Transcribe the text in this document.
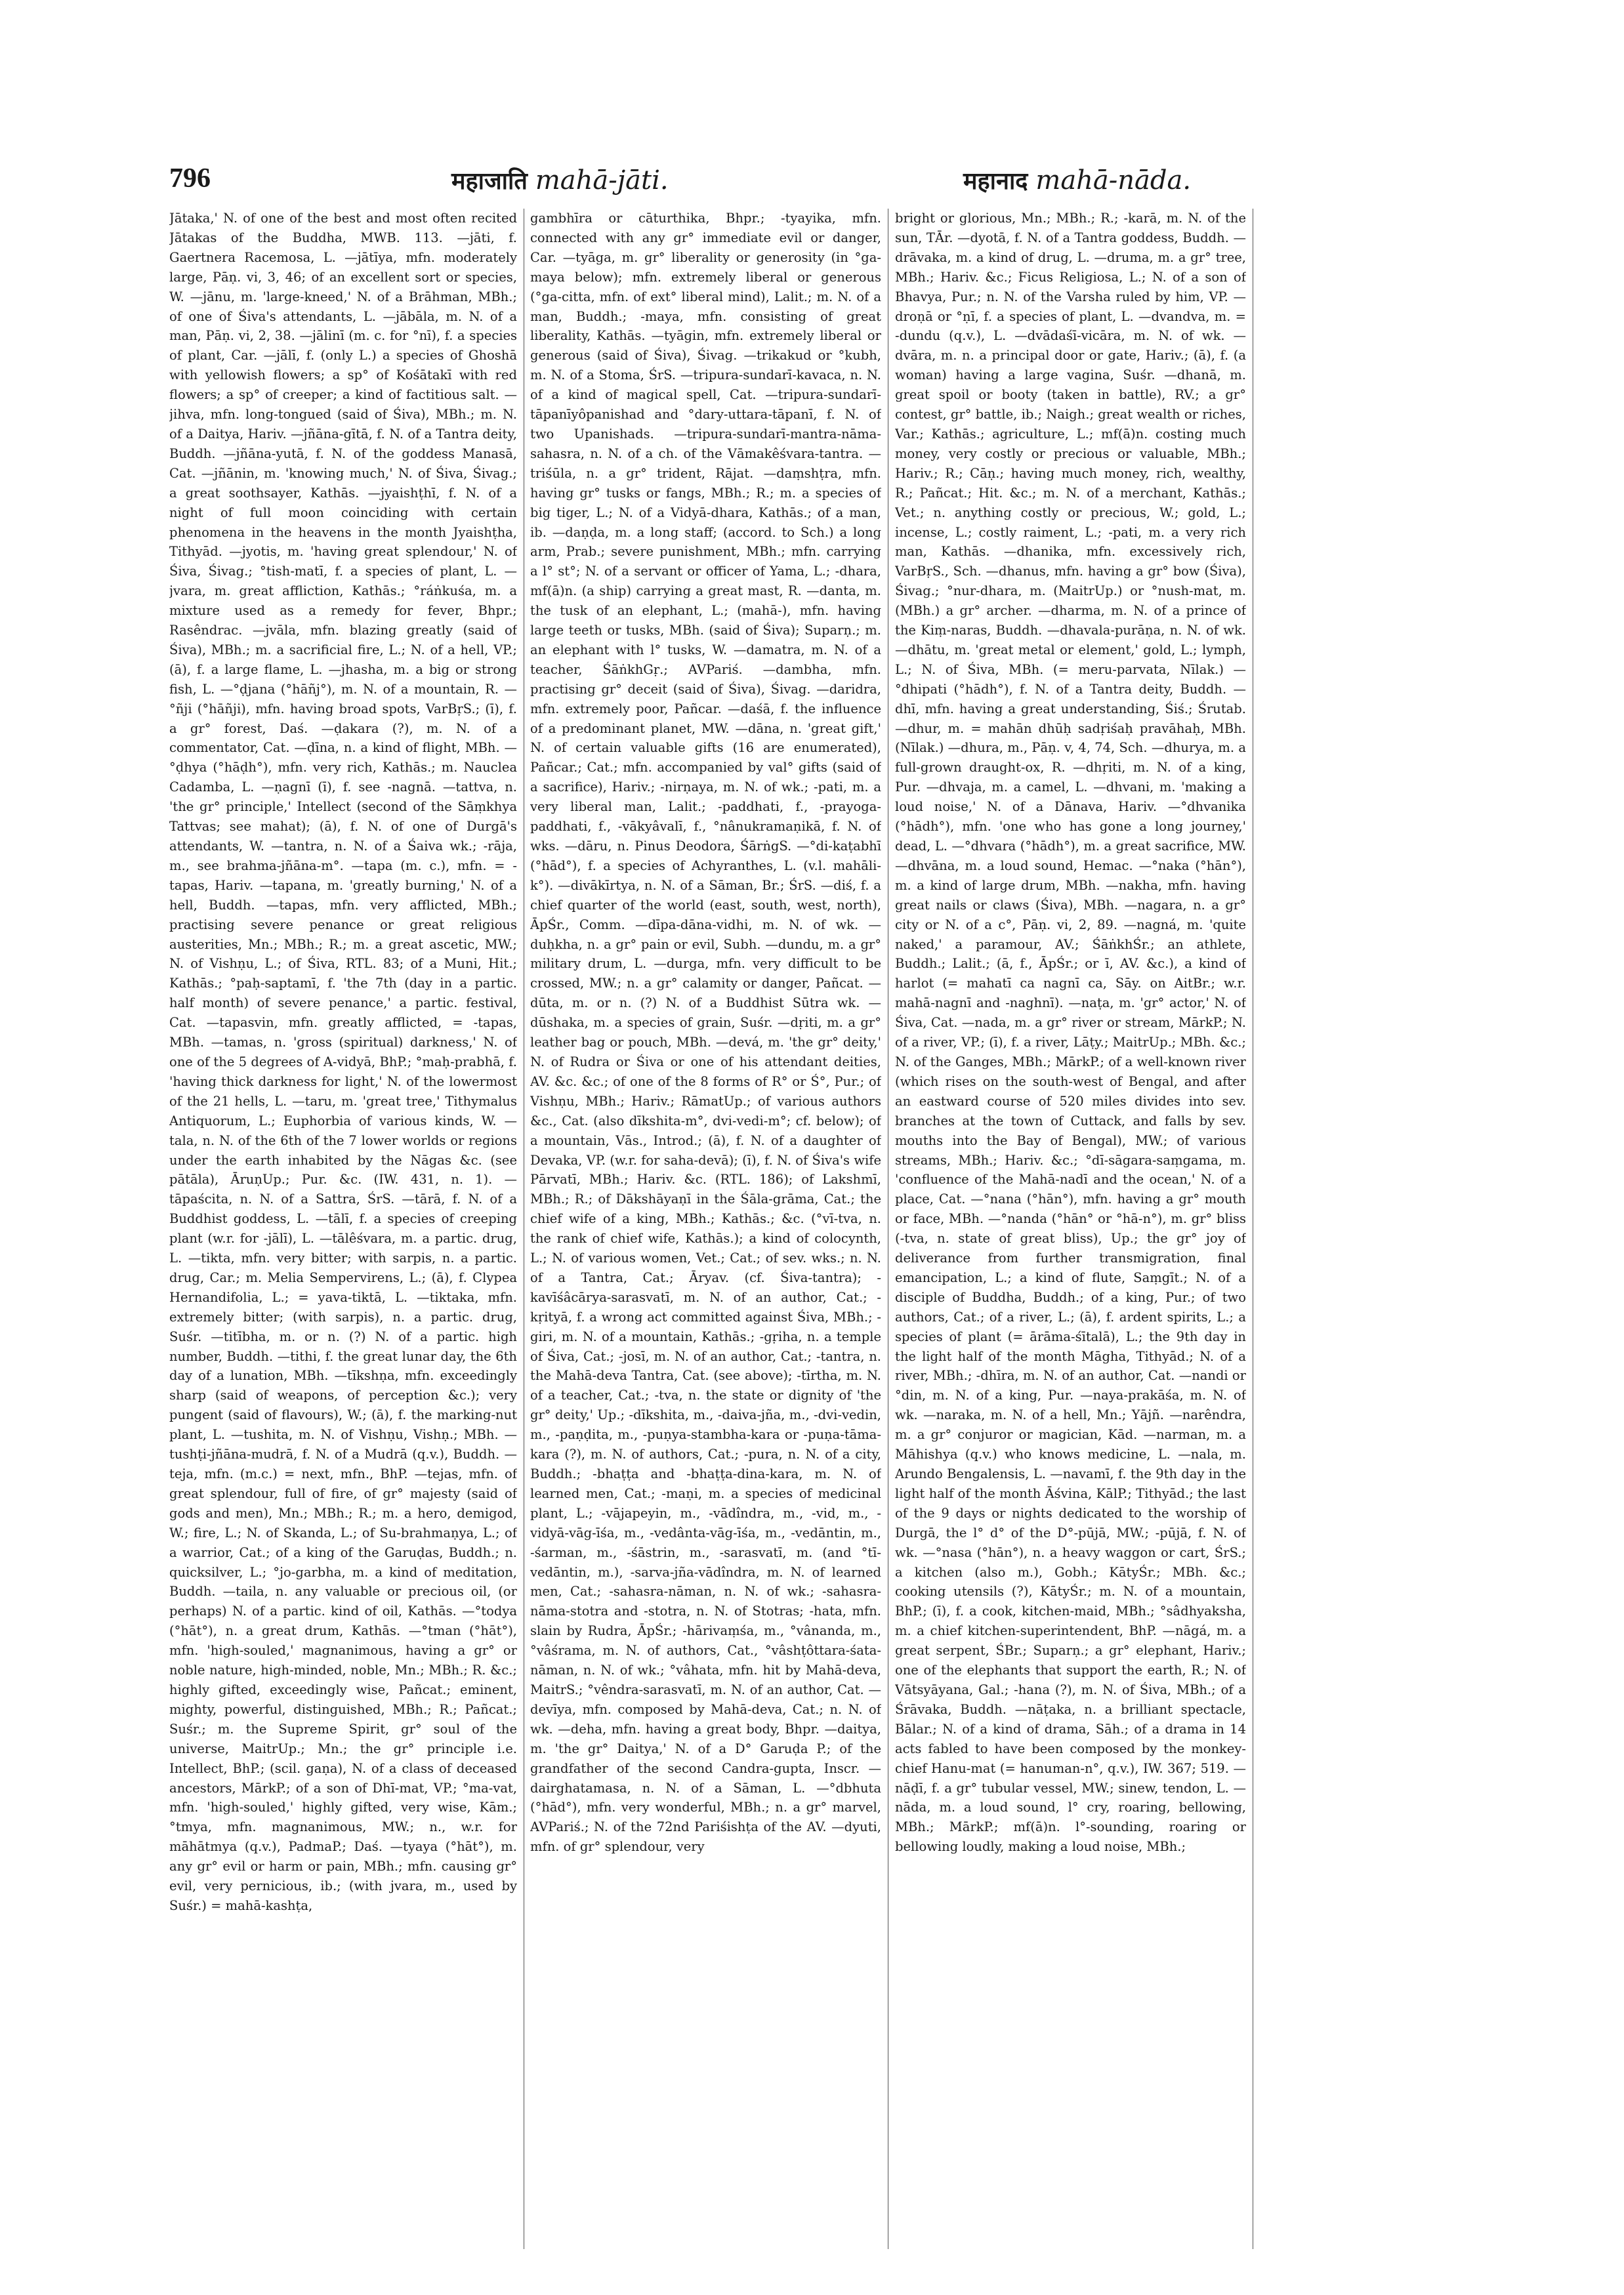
796	महाजाति mahā-jāti.	महानाद mahā-nāda.
Jātaka,' N. of one of the best and most often recited Jātakas of the Buddha, MWB. 113. —jāti, f. Gaertnera Racemosa, L. —jātīya, mfn. moderately large, Pāṇ. vi, 3, 46; of an excellent sort or species, W. —jānu, m. 'large-kneed,' N. of a Brāhman, MBh.; of one of Śiva's attendants, L. —jābāla, m. N. of a man, Pāṇ. vi, 2, 38. —jālinī (m. c. for °nī), f. a species of plant, Car. —jālī, f. (only L.) a species of Ghoshā with yellowish flowers; a sp° of Kośātakī with red flowers; a sp° of creeper; a kind of factitious salt. —jihva, mfn. long-tongued (said of Śiva), MBh.; m. N. of a Daitya, Hariv. —jñāna-gītā, f. N. of a Tantra deity, Buddh. —jñāna-yutā, f. N. of the goddess Manasā, Cat. —jñānin, m. 'knowing much,' N. of Śiva, Śivag.; a great soothsayer, Kathās. —jyaishṭhī, f. N. of a night of full moon coinciding with certain phenomena in the heavens in the month Jyaishṭha, Tithyād. —jyotis, m. 'having great splendour,' N. of Śiva, Śivag.; °tish-matī, f. a species of plant, L. —jvara, m. great affliction, Kathās.; °ráṅkuśa, m. a mixture used as a remedy for fever, Bhpr.; Rasêndrac. —jvāla, mfn. blazing greatly (said of Śiva), MBh.; m. a sacrificial fire, L.; N. of a hell, VP.; (ā), f. a large flame, L. —jhasha, m. a big or strong fish, L. —°ḍjana (°hāñj°), m. N. of a mountain, R. —°ñji (°hāñji), mfn. having broad spots, VarBṛS.; (ī), f. a gr° forest, Daś. —ḍakara (?), m. N. of a commentator, Cat. —ḍīna, n. a kind of flight, MBh. —°ḍhya (°hāḍh°), mfn. very rich, Kathās.; m. Nauclea Cadamba, L. —ṇagnī (ī), f. see -nagnā. —tattva, n. 'the gr° principle,' Intellect (second of the Sāṃkhya Tattvas; see mahat); (ā), f. N. of one of Durgā's attendants, W. —tantra, n. N. of a Śaiva wk.; -rāja, m., see brahma-jñāna-m°. —tapa (m. c.), mfn. = -tapas, Hariv. —tapana, m. 'greatly burning,' N. of a hell, Buddh. —tapas, mfn. very afflicted, MBh.; practising severe penance or great religious austerities, Mn.; MBh.; R.; m. a great ascetic, MW.; N. of Vishṇu, L.; of Śiva, RTL. 83; of a Muni, Hit.; Kathās.; °paḥ-saptamī, f. 'the 7th (day in a partic. half month) of severe penance,' a partic. festival, Cat. —tapasvin, mfn. greatly afflicted, = -tapas, MBh. —tamas, n. 'gross (spiritual) darkness,' N. of one of the 5 degrees of A-vidyā, BhP.; °maḥ-prabhā, f. 'having thick darkness for light,' N. of the lowermost of the 21 hells, L. —taru, m. 'great tree,' Tithymalus Antiquorum, L.; Euphorbia of various kinds, W. —tala, n. N. of the 6th of the 7 lower worlds or regions under the earth inhabited by the Nāgas &c. (see pātāla), ĀruṇUp.; Pur. &c. (IW. 431, n. 1). —tāpaścita, n. N. of a Sattra, ŚrS. —tārā, f. N. of a Buddhist goddess, L. —tālī, f. a species of creeping plant (w.r. for -jālī), L. —tālêśvara, m. a partic. drug, L. —tikta, mfn. very bitter; with sarpis, n. a partic. drug, Car.; m. Melia Sempervirens, L.; (ā), f. Clypea Hernandifolia, L.; = yava-tiktā, L. —tiktaka, mfn. extremely bitter; (with sarpis), n. a partic. drug, Suśr. —titībha, m. or n. (?) N. of a partic. high number, Buddh. —tithi, f. the great lunar day, the 6th day of a lunation, MBh. —tīkshṇa, mfn. exceedingly sharp (said of weapons, of perception &c.); very pungent (said of flavours), W.; (ā), f. the marking-nut plant, L. —tushita, m. N. of Vishṇu, Vishṇ.; MBh. —tushṭi-jñāna-mudrā, f. N. of a Mudrā (q.v.), Buddh. —teja, mfn. (m.c.) = next, mfn., BhP. —tejas, mfn. of great splendour, full of fire, of gr° majesty (said of gods and men), Mn.; MBh.; R.; m. a hero, demigod, W.; fire, L.; N. of Skanda, L.; of Su-brahmaṇya, L.; of a warrior, Cat.; of a king of the Garuḍas, Buddh.; n. quicksilver, L.; °jo-garbha, m. a kind of meditation, Buddh. —taila, n. any valuable or precious oil, (or perhaps) N. of a partic. kind of oil, Kathās. —°todya (°hāt°), n. a great drum, Kathās. —°tman (°hāt°), mfn. 'high-souled,' magnanimous, having a gr° or noble nature, high-minded, noble, Mn.; MBh.; R. &c.; highly gifted, exceedingly wise, Pañcat.; eminent, mighty, powerful, distinguished, MBh.; R.; Pañcat.; Suśr.; m. the Supreme Spirit, gr° soul of the universe, MaitrUp.; Mn.; the gr° principle i.e. Intellect, BhP.; (scil. gaṇa), N. of a class of deceased ancestors, MārkP.; of a son of Dhī-mat, VP.; °ma-vat, mfn. 'high-souled,' highly gifted, very wise, Kām.; °tmya, mfn. magnanimous, MW.; n., w.r. for māhātmya (q.v.), PadmaP.; Daś. —tyaya (°hāt°), m. any gr° evil or harm or pain, MBh.; mfn. causing gr° evil, very pernicious, ib.; (with jvara, m., used by Suśr.) = mahā-kashṭa,
gambhīra or cāturthika, Bhpr.; -tyayika, mfn. connected with any gr° immediate evil or danger, Car. —tyāga, m. gr° liberality or generosity (in °ga-maya below); mfn. extremely liberal or generous (°ga-citta, mfn. of ext° liberal mind), Lalit.; m. N. of a man, Buddh.; -maya, mfn. consisting of great liberality, Kathās. —tyāgin, mfn. extremely liberal or generous (said of Śiva), Śivag. —trikakud or °kubh, m. N. of a Stoma, ŚrS. —tripura-sundarī-kavaca, n. N. of a kind of magical spell, Cat. —tripura-sundarī-tāpanīyôpanishad and °dary-uttara-tāpanī, f. N. of two Upanishads. —tripura-sundarī-mantra-nāma-sahasra, n. N. of a ch. of the Vāmakêśvara-tantra. —triśūla, n. a gr° trident, Rājat. —daṃshṭra, mfn. having gr° tusks or fangs, MBh.; R.; m. a species of big tiger, L.; N. of a Vidyā-dhara, Kathās.; of a man, ib. —daṇḍa, m. a long staff; (accord. to Sch.) a long arm, Prab.; severe punishment, MBh.; mfn. carrying a l° st°; N. of a servant or officer of Yama, L.; -dhara, mf(ā)n. (a ship) carrying a great mast, R. —danta, m. the tusk of an elephant, L.; (mahā-), mfn. having large teeth or tusks, MBh. (said of Śiva); Suparṇ.; m. an elephant with l° tusks, W. —damatra, m. N. of a teacher, ŚāṅkhGṛ.; AVPariś. —dambha, mfn. practising gr° deceit (said of Śiva), Śivag. —daridra, mfn. extremely poor, Pañcar. —daśā, f. the influence of a predominant planet, MW. —dāna, n. 'great gift,' N. of certain valuable gifts (16 are enumerated), Pañcar.; Cat.; mfn. accompanied by val° gifts (said of a sacrifice), Hariv.; -nirṇaya, m. N. of wk.; -pati, m. a very liberal man, Lalit.; -paddhati, f., -prayoga-paddhati, f., -vākyâvalī, f., °nânukramaṇikā, f. N. of wks. —dāru, n. Pinus Deodora, ŚārṅgS. —°di-kaṭabhī (°hād°), f. a species of Achyranthes, L. (v.l. mahāli-k°). —divākīrtya, n. N. of a Sāman, Br.; ŚrS. —diś, f. a chief quarter of the world (east, south, west, north), ĀpŚr., Comm. —dīpa-dāna-vidhi, m. N. of wk. —duḥkha, n. a gr° pain or evil, Subh. —dundu, m. a gr° military drum, L. —durga, mfn. very difficult to be crossed, MW.; n. a gr° calamity or danger, Pañcat. —dūta, m. or n. (?) N. of a Buddhist Sūtra wk. —dūshaka, m. a species of grain, Suśr. —dṛiti, m. a gr° leather bag or pouch, MBh. —devá, m. 'the gr° deity,' N. of Rudra or Śiva or one of his attendant deities, AV. &c. &c.; of one of the 8 forms of R° or Ś°, Pur.; of Vishṇu, MBh.; Hariv.; RāmatUp.; of various authors &c., Cat. (also dīkshita-m°, dvi-vedi-m°; cf. below); of a mountain, Vās., Introd.; (ā), f. N. of a daughter of Devaka, VP. (w.r. for saha-devā); (ī), f. N. of Śiva's wife Pārvatī, MBh.; Hariv. &c. (RTL. 186); of Lakshmī, MBh.; R.; of Dākshāyaṇī in the Śāla-grāma, Cat.; the chief wife of a king, MBh.; Kathās.; &c. (°vī-tva, n. the rank of chief wife, Kathās.); a kind of colocynth, L.; N. of various women, Vet.; Cat.; of sev. wks.; n. N. of a Tantra, Cat.; Āryav. (cf. Śiva-tantra); -kavīśâcārya-sarasvatī, m. N. of an author, Cat.; -kṛityā, f. a wrong act committed against Śiva, MBh.; -giri, m. N. of a mountain, Kathās.; -gṛiha, n. a temple of Śiva, Cat.; -josī, m. N. of an author, Cat.; -tantra, n. the Mahā-deva Tantra, Cat. (see above); -tīrtha, m. N. of a teacher, Cat.; -tva, n. the state or dignity of 'the gr° deity,' Up.; -dīkshita, m., -daiva-jña, m., -dvi-vedin, m., -paṇḍita, m., -puṇya-stambha-kara or -puṇa-tāma-kara (?), m. N. of authors, Cat.; -pura, n. N. of a city, Buddh.; -bhaṭṭa and -bhaṭṭa-dina-kara, m. N. of learned men, Cat.; -maṇi, m. a species of medicinal plant, L.; -vājapeyin, m., -vādîndra, m., -vid, m., -vidyā-vāg-īśa, m., -vedânta-vāg-īśa, m., -vedāntin, m., -śarman, m., -śāstrin, m., -sarasvatī, m. (and °tī-vedāntin, m.), -sarva-jña-vādîndra, m. N. of learned men, Cat.; -sahasra-nāman, n. N. of wk.; -sahasra-nāma-stotra and -stotra, n. N. of Stotras; -hata, mfn. slain by Rudra, ĀpŚr.; -hārivaṃśa, m., °vânanda, m., °vâśrama, m. N. of authors, Cat., °vâshṭôttara-śata-nāman, n. N. of wk.; °vâhata, mfn. hit by Mahā-deva, MaitrS.; °vêndra-sarasvatī, m. N. of an author, Cat. —devīya, mfn. composed by Mahā-deva, Cat.; n. N. of wk. —deha, mfn. having a great body, Bhpr. —daitya, m. 'the gr° Daitya,' N. of a D° Garuḍa P.; of the grandfather of the second Candra-gupta, Inscr. —dairghatamasa, n. N. of a Sāman, L. —°dbhuta (°hād°), mfn. very wonderful, MBh.; n. a gr° marvel, AVPariś.; N. of the 72nd Pariśishṭa of the AV. —dyuti, mfn. of gr° splendour, very
bright or glorious, Mn.; MBh.; R.; -karā, m. N. of the sun, TĀr. —dyotā, f. N. of a Tantra goddess, Buddh. —drāvaka, m. a kind of drug, L. —druma, m. a gr° tree, MBh.; Hariv. &c.; Ficus Religiosa, L.; N. of a son of Bhavya, Pur.; n. N. of the Varsha ruled by him, VP. —droṇā or °ṇī, f. a species of plant, L. —dvandva, m. = -dundu (q.v.), L. —dvādaśī-vicāra, m. N. of wk. —dvāra, m. n. a principal door or gate, Hariv.; (ā), f. (a woman) having a large vagina, Suśr. —dhanā, m. great spoil or booty (taken in battle), RV.; a gr° contest, gr° battle, ib.; Naigh.; great wealth or riches, Var.; Kathās.; agriculture, L.; mf(ā)n. costing much money, very costly or precious or valuable, MBh.; Hariv.; R.; Cāṇ.; having much money, rich, wealthy, R.; Pañcat.; Hit. &c.; m. N. of a merchant, Kathās.; Vet.; n. anything costly or precious, W.; gold, L.; incense, L.; costly raiment, L.; -pati, m. a very rich man, Kathās. —dhanika, mfn. excessively rich, VarBṛS., Sch. —dhanus, mfn. having a gr° bow (Śiva), Śivag.; °nur-dhara, m. (MaitrUp.) or °nush-mat, m. (MBh.) a gr° archer. —dharma, m. N. of a prince of the Kiṃ-naras, Buddh. —dhavala-purāṇa, n. N. of wk. —dhātu, m. 'great metal or element,' gold, L.; lymph, L.; N. of Śiva, MBh. (= meru-parvata, Nīlak.) —°dhipati (°hādh°), f. N. of a Tantra deity, Buddh. —dhī, mfn. having a great understanding, Śiś.; Śrutab. —dhur, m. = mahān dhūḥ sadṛiśaḥ pravāhaḥ, MBh. (Nīlak.) —dhura, m., Pāṇ. v, 4, 74, Sch. —dhurya, m. a full-grown draught-ox, R. —dhṛiti, m. N. of a king, Pur. —dhvaja, m. a camel, L. —dhvani, m. 'making a loud noise,' N. of a Dānava, Hariv. —°dhvanika (°hādh°), mfn. 'one who has gone a long journey,' dead, L. —°dhvara (°hādh°), m. a great sacrifice, MW. —dhvāna, m. a loud sound, Hemac. —°naka (°hān°), m. a kind of large drum, MBh. —nakha, mfn. having great nails or claws (Śiva), MBh. —nagara, n. a gr° city or N. of a c°, Pāṇ. vi, 2, 89. —nagná, m. 'quite naked,' a paramour, AV.; ŚāṅkhŚr.; an athlete, Buddh.; Lalit.; (ā, f., ĀpŚr.; or ī, AV. &c.), a kind of harlot (= mahatī ca nagnī ca, Sāy. on AitBr.; w.r. mahā-nagnī and -naghnī). —naṭa, m. 'gr° actor,' N. of Śiva, Cat. —nada, m. a gr° river or stream, MārkP.; N. of a river, VP.; (ī), f. a river, Lāṭy.; MaitrUp.; MBh. &c.; N. of the Ganges, MBh.; MārkP.; of a well-known river (which rises on the south-west of Bengal, and after an eastward course of 520 miles divides into sev. branches at the town of Cuttack, and falls by sev. mouths into the Bay of Bengal), MW.; of various streams, MBh.; Hariv. &c.; °dī-sāgara-saṃgama, m. 'confluence of the Mahā-nadī and the ocean,' N. of a place, Cat. —°nana (°hān°), mfn. having a gr° mouth or face, MBh. —°nanda (°hān° or °hā-n°), m. gr° bliss (-tva, n. state of great bliss), Up.; the gr° joy of deliverance from further transmigration, final emancipation, L.; a kind of flute, Saṃgīt.; N. of a disciple of Buddha, Buddh.; of a king, Pur.; of two authors, Cat.; of a river, L.; (ā), f. ardent spirits, L.; a species of plant (= ārāma-śītalā), L.; the 9th day in the light half of the month Māgha, Tithyād.; N. of a river, MBh.; -dhīra, m. N. of an author, Cat. —nandi or °din, m. N. of a king, Pur. —naya-prakāśa, m. N. of wk. —naraka, m. N. of a hell, Mn.; Yājñ. —narêndra, m. a gr° conjuror or magician, Kād. —narman, m. a Māhishya (q.v.) who knows medicine, L. —nala, m. Arundo Bengalensis, L. —navamī, f. the 9th day in the light half of the month Āśvina, KālP.; Tithyād.; the last of the 9 days or nights dedicated to the worship of Durgā, the l° d° of the D°-pūjā, MW.; -pūjā, f. N. of wk. —°nasa (°hān°), n. a heavy waggon or cart, ŚrS.; a kitchen (also m.), Gobh.; KātyŚr.; MBh. &c.; cooking utensils (?), KātyŚr.; m. N. of a mountain, BhP.; (ī), f. a cook, kitchen-maid, MBh.; °sâdhyaksha, m. a chief kitchen-superintendent, BhP. —nāgá, m. a great serpent, ŚBr.; Suparṇ.; a gr° elephant, Hariv.; one of the elephants that support the earth, R.; N. of Vātsyāyana, Gal.; -hana (?), m. N. of Śiva, MBh.; of a Śrāvaka, Buddh. —nāṭaka, n. a brilliant spectacle, Bālar.; N. of a kind of drama, Sāh.; of a drama in 14 acts fabled to have been composed by the monkey-chief Hanu-mat (= hanuman-n°, q.v.), IW. 367; 519. —nāḍī, f. a gr° tubular vessel, MW.; sinew, tendon, L. —nāda, m. a loud sound, l° cry, roaring, bellowing, MBh.; MārkP.; mf(ā)n. l°-sounding, roaring or bellowing loudly, making a loud noise, MBh.;
